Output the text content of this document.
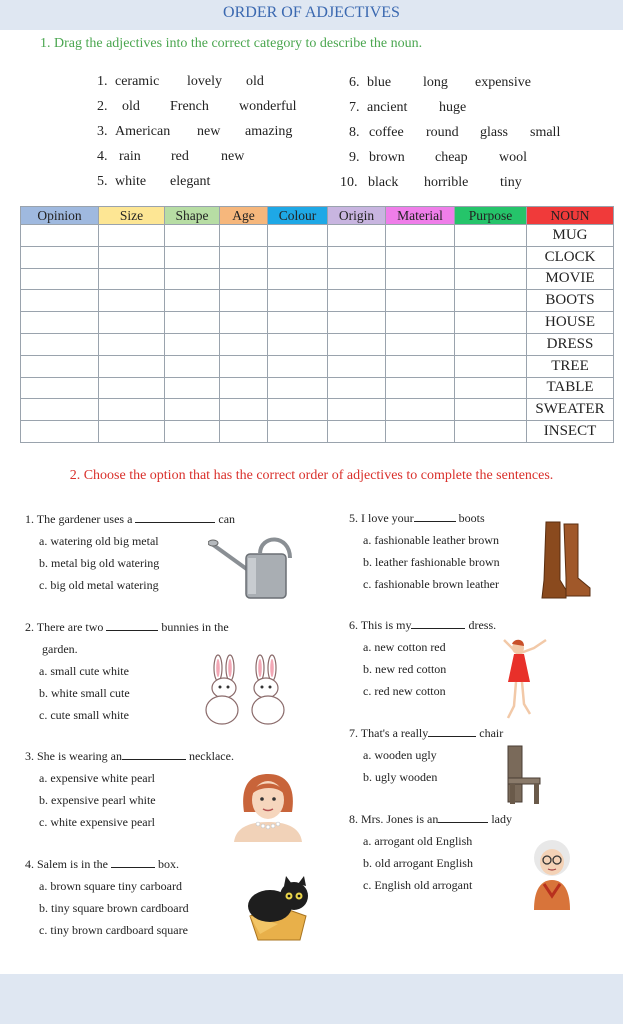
ORDER OF ADJECTIVES
1. Drag the adjectives into the correct category to describe the noun.
1. ceramic lovely old
2. old French wonderful
3. American new amazing
4. rain red new
5. white elegant
6. blue long expensive
7. ancient huge
8. coffee round glass small
9. brown cheap wool
10. black horrible tiny
Opinion	Size	Shape	Age	Colour	Origin	Material	Purpose	NOUN
								MUG
								CLOCK
								MOVIE
								BOOTS
								HOUSE
								DRESS
								TREE
								TABLE
								SWEATER
								INSECT
2. Choose the option that has the correct order of adjectives to complete the sentences.
1. The gardener uses a	can
a. watering old big metal
b. metal big old watering
c. big old metal watering
2. There are two	bunnies in the
garden.
a. small cute white
b. white small cute
c. cute small white
3. She is wearing an	necklace.
a. expensive white pearl
b. expensive pearl white
c. white expensive pearl
4. Salem is in the	box.
a. brown square tiny carboard
b. tiny square brown cardboard
c. tiny brown cardboard square
5. I love your	boots
a. fashionable leather brown
b. leather fashionable brown
c. fashionable brown leather
6. This is my	dress.
a. new cotton red
b. new red cotton
c. red new cotton
7. That's a really	chair
a. wooden ugly
b. ugly wooden
8. Mrs. Jones is an	lady
a. arrogant old English
b. old arrogant English
c. English old arrogant
